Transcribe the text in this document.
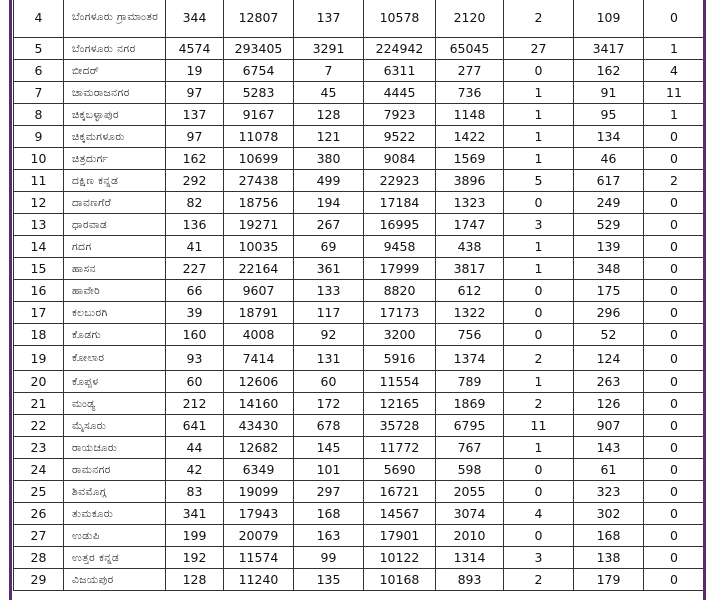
4	ಬೆಂಗಳೂರು ಗ್ರಾಮಾಂತರ	344	12807	137	10578	2120	2	109	0
5	ಬೆಂಗಳೂರು ನಗರ	4574	293405	3291	224942	65045	27	3417	1
6	ಬೀದರ್	19	6754	7	6311	277	0	162	4
7	ಚಾಮರಾಜನಗರ	97	5283	45	4445	736	1	91	11
8	ಚಿಕ್ಕಬಳ್ಳಾಪುರ	137	9167	128	7923	1148	1	95	1
9	ಚಿಕ್ಕಮಗಳೂರು	97	11078	121	9522	1422	1	134	0
10	ಚಿತ್ರದುರ್ಗ	162	10699	380	9084	1569	1	46	0
11	ದಕ್ಷಿಣ ಕನ್ನಡ	292	27438	499	22923	3896	5	617	2
12	ದಾವಣಗೆರೆ	82	18756	194	17184	1323	0	249	0
13	ಧಾರವಾಡ	136	19271	267	16995	1747	3	529	0
14	ಗದಗ	41	10035	69	9458	438	1	139	0
15	ಹಾಸನ	227	22164	361	17999	3817	1	348	0
16	ಹಾವೇರಿ	66	9607	133	8820	612	0	175	0
17	ಕಲಬುರಗಿ	39	18791	117	17173	1322	0	296	0
18	ಕೊಡಗು	160	4008	92	3200	756	0	52	0
19	ಕೋಲಾರ	93	7414	131	5916	1374	2	124	0
20	ಕೊಪ್ಪಳ	60	12606	60	11554	789	1	263	0
21	ಮಂಡ್ಯ	212	14160	172	12165	1869	2	126	0
22	ಮೈಸೂರು	641	43430	678	35728	6795	11	907	0
23	ರಾಯಚೂರು	44	12682	145	11772	767	1	143	0
24	ರಾಮನಗರ	42	6349	101	5690	598	0	61	0
25	ಶಿವಮೊಗ್ಗ	83	19099	297	16721	2055	0	323	0
26	ತುಮಕೂರು	341	17943	168	14567	3074	4	302	0
27	ಉಡುಪಿ	199	20079	163	17901	2010	0	168	0
28	ಉತ್ತರ ಕನ್ನಡ	192	11574	99	10122	1314	3	138	0
29	ವಿಜಯಪುರ	128	11240	135	10168	893	2	179	0
